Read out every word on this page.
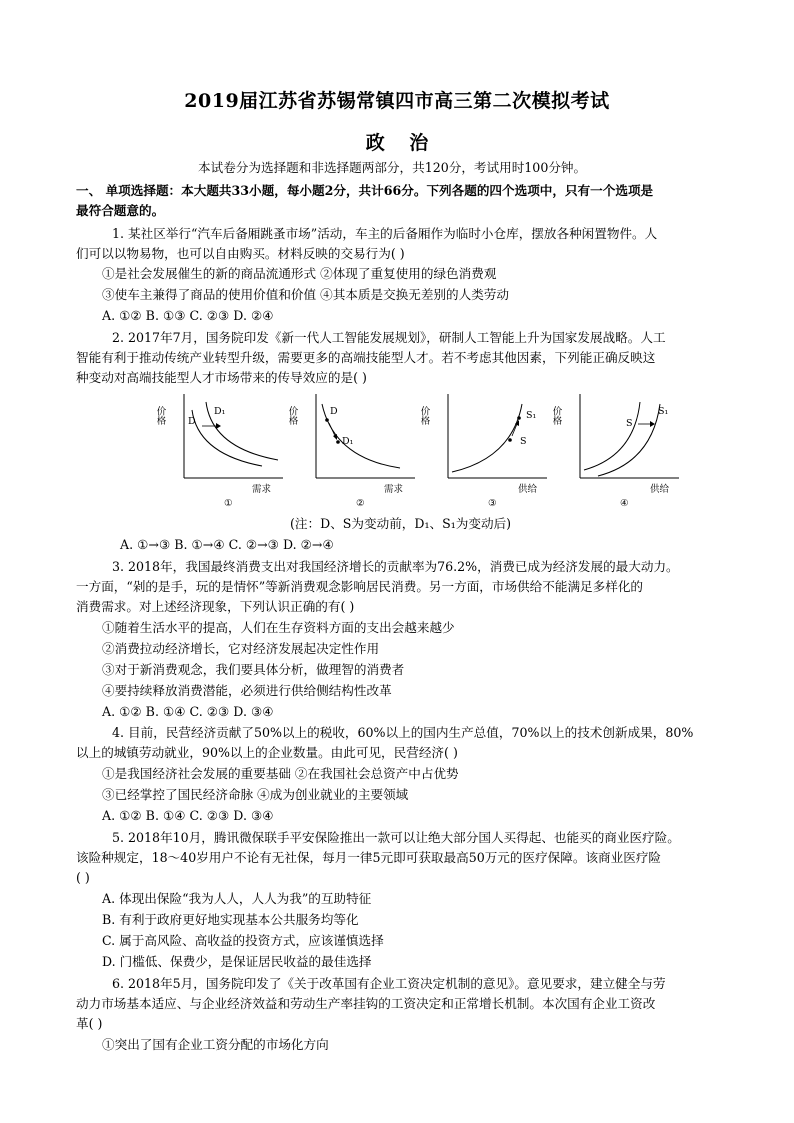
2019届江苏省苏锡常镇四市高三第二次模拟考试
政 治
本试卷分为选择题和非选择题两部分，共120分，考试用时100分钟。
一、 单项选择题：本大题共33小题，每小题2分，共计66分。下列各题的四个选项中，只有一个选项是
最符合题意的。
1. 某社区举行“汽车后备厢跳蚤市场”活动，车主的后备厢作为临时小仓库，摆放各种闲置物件。人
们可以以物易物，也可以自由购买。材料反映的交易行为( )
①是社会发展催生的新的商品流通形式 ②体现了重复使用的绿色消费观
③使车主兼得了商品的使用价值和价值 ④其本质是交换无差别的人类劳动
A. ①② B. ①③ C. ②③ D. ②④
2. 2017年7月，国务院印发《新一代人工智能发展规划》，研制人工智能上升为国家发展战略。人工
智能有利于推动传统产业转型升级，需要更多的高端技能型人才。若不考虑其他因素，下列能正确反映这
种变动对高端技能型人才市场带来的传导效应的是( )
价格 D
D₁
需求
①
价格	D
D₁
需求
②
价格	S₁
S
供给
③
价格	S
S₁
供给
④
(注：D、S为变动前，D₁、S₁为变动后)
A. ①→③ B. ①→④ C. ②→③ D. ②→④
3. 2018年，我国最终消费支出对我国经济增长的贡献率为76.2%，消费已成为经济发展的最大动力。
一方面，“剁的是手，玩的是情怀”等新消费观念影响居民消费。另一方面，市场供给不能满足多样化的
消费需求。对上述经济现象，下列认识正确的有( )
①随着生活水平的提高，人们在生存资料方面的支出会越来越少
②消费拉动经济增长，它对经济发展起决定性作用
③对于新消费观念，我们要具体分析，做理智的消费者
④要持续释放消费潜能，必须进行供给侧结构性改革
A. ①② B. ①④ C. ②③ D. ③④
4. 目前，民营经济贡献了50%以上的税收，60%以上的国内生产总值，70%以上的技术创新成果，80%
以上的城镇劳动就业，90%以上的企业数量。由此可见，民营经济( )
①是我国经济社会发展的重要基础 ②在我国社会总资产中占优势
③已经掌控了国民经济命脉 ④成为创业就业的主要领域
A. ①② B. ①④ C. ②③ D. ③④
5. 2018年10月，腾讯微保联手平安保险推出一款可以让绝大部分国人买得起、也能买的商业医疗险。
该险种规定，18～40岁用户不论有无社保，每月一律5元即可获取最高50万元的医疗保障。该商业医疗险
( )
A. 体现出保险“我为人人，人人为我”的互助特征
B. 有利于政府更好地实现基本公共服务均等化
C. 属于高风险、高收益的投资方式，应该谨慎选择
D. 门槛低、保费少，是保证居民收益的最佳选择
6. 2018年5月，国务院印发了《关于改革国有企业工资决定机制的意见》。意见要求，建立健全与劳
动力市场基本适应、与企业经济效益和劳动生产率挂钩的工资决定和正常增长机制。本次国有企业工资改
革( )
①突出了国有企业工资分配的市场化方向
